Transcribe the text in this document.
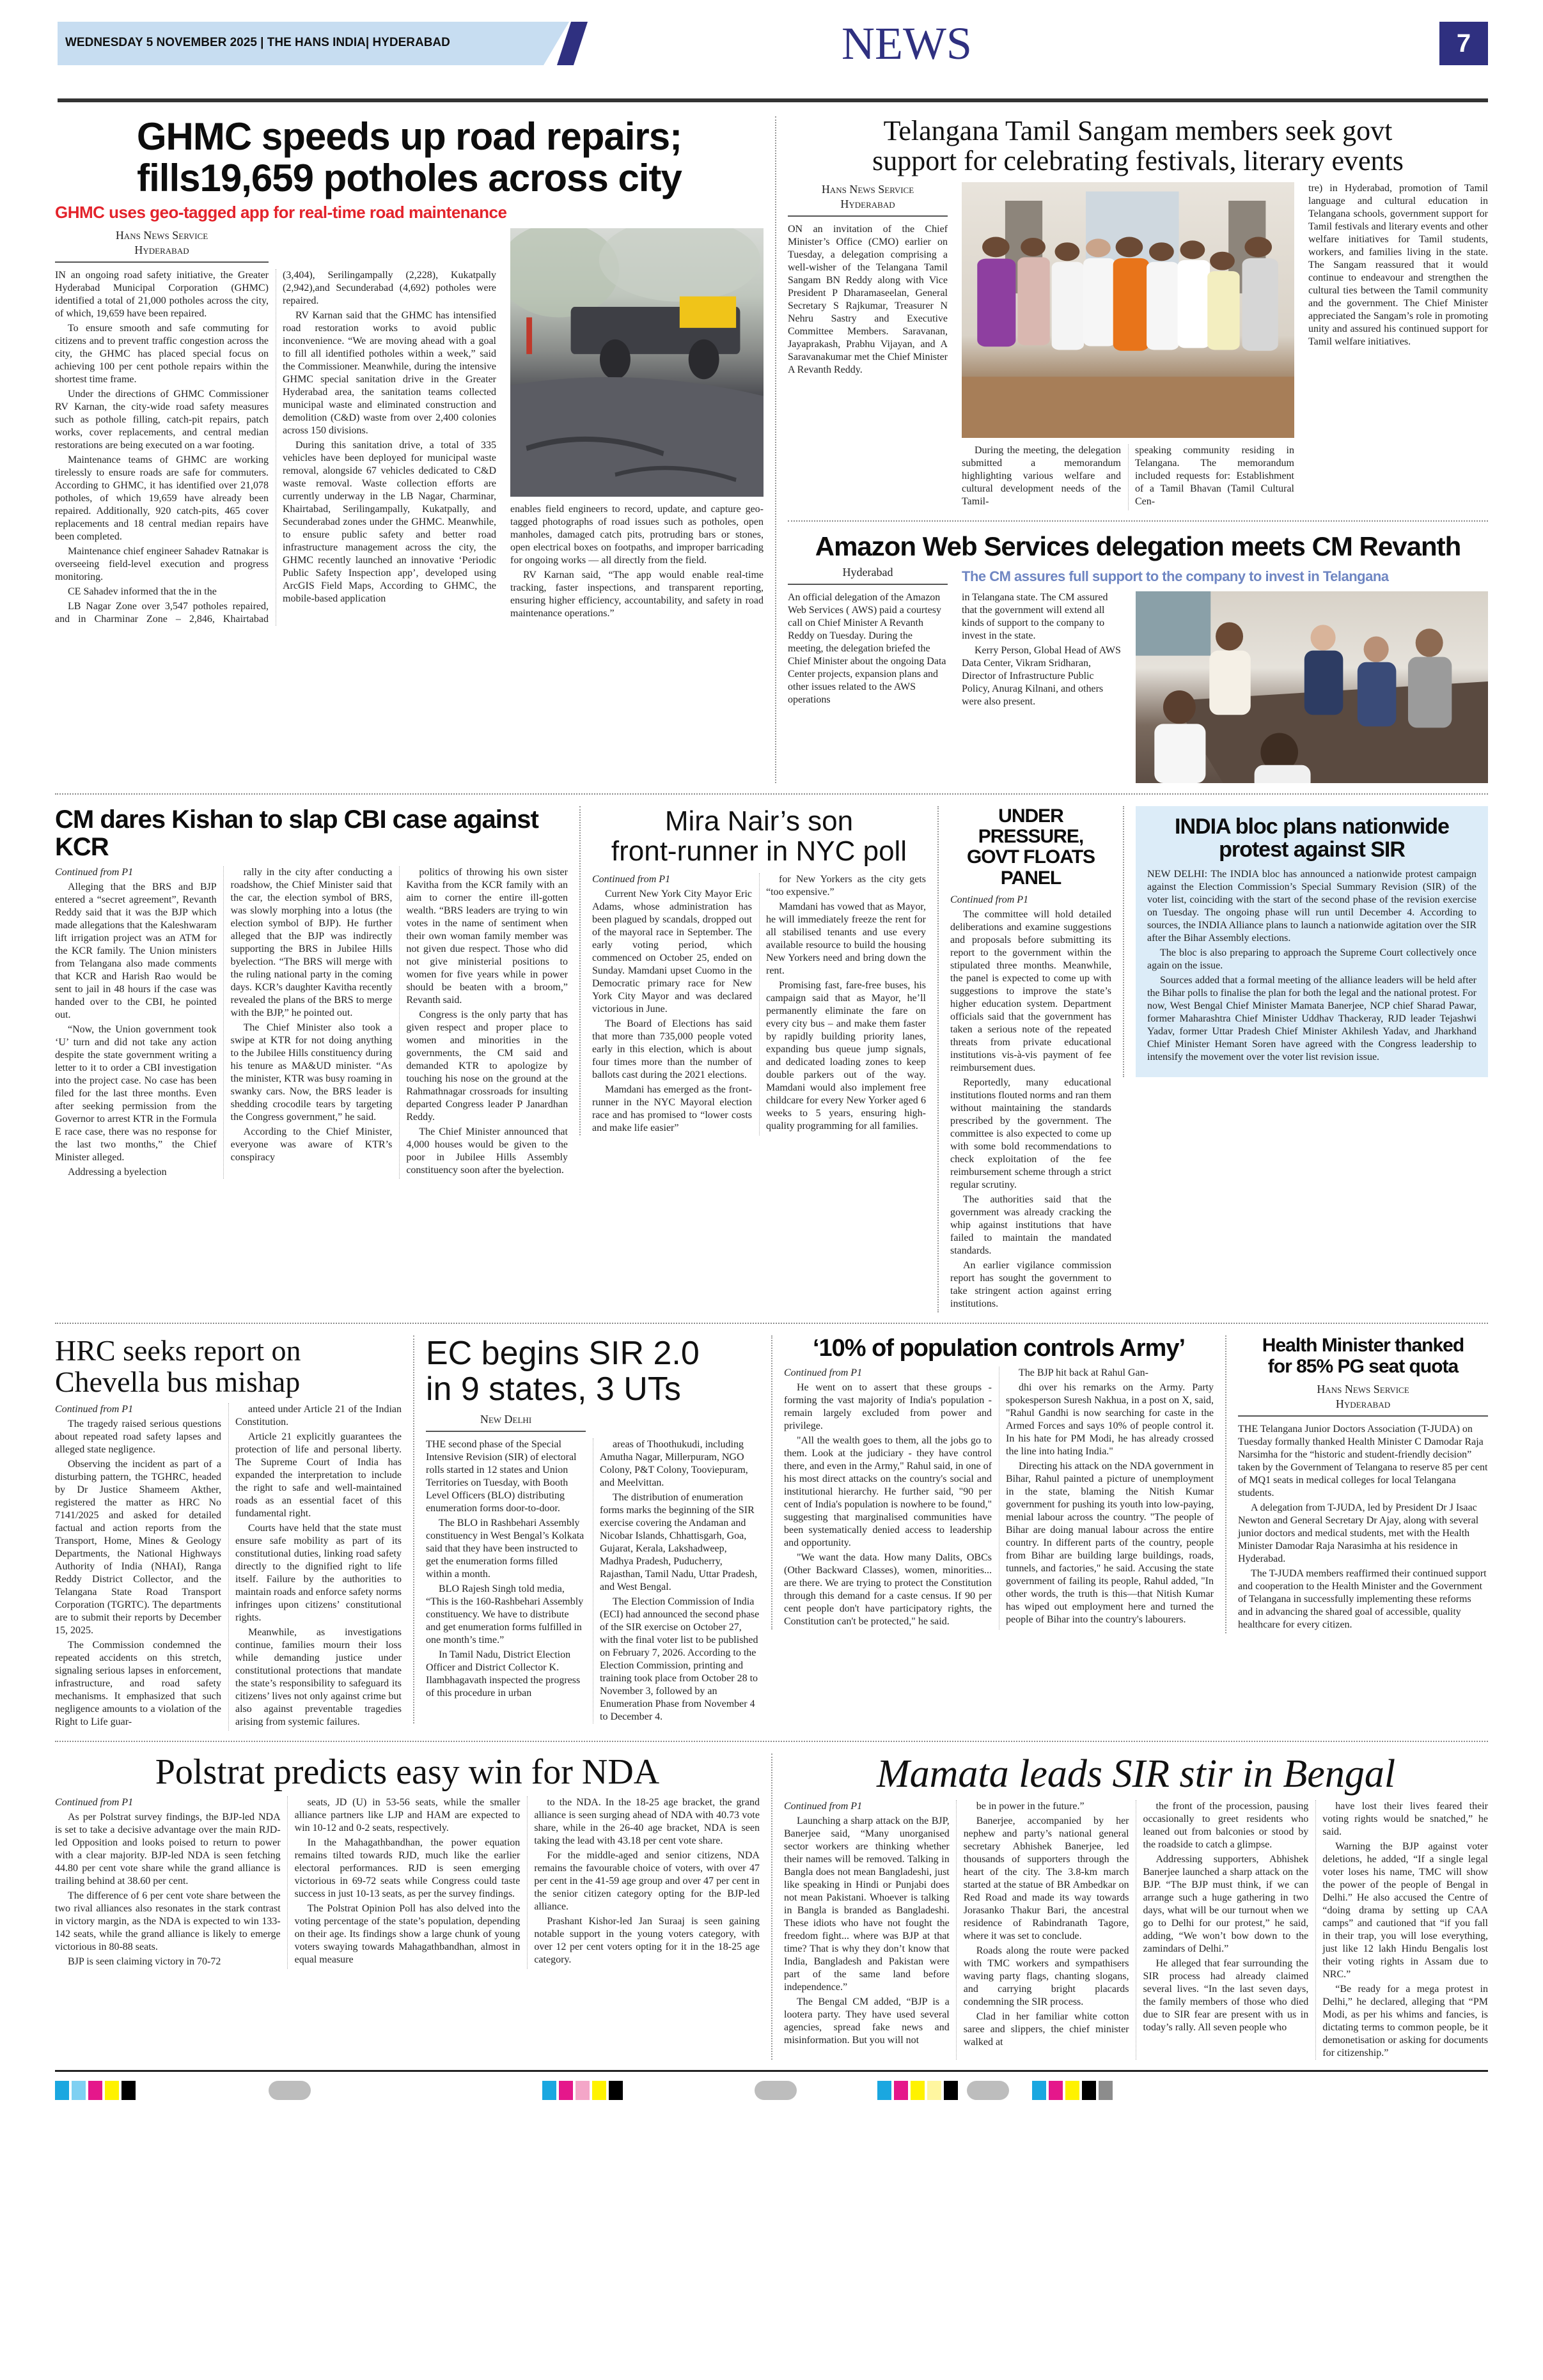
WEDNESDAY 5 NOVEMBER 2025 | THE HANS INDIA| HYDERABAD	NEWS	7
GHMC speeds up road repairs;
fills19,659 potholes across city
GHMC uses geo-tagged app for real-time road maintenance
Hans News Service
Hyderabad

IN an ongoing road safety initiative, the Greater Hyderabad Municipal Corporation (GHMC) identified a total of 21,000 potholes across the city, of which, 19,659 have been repaired.

To ensure smooth and safe commuting for citizens and to prevent traffic congestion across the city, the GHMC has placed special focus on achieving 100 per cent pothole repairs within the shortest time frame.

Under the directions of GHMC Commissioner RV Karnan, the city-wide road safety measures such as pothole filling, catch-pit repairs, patch works, cover replacements, and central median restorations are being executed on a war footing.

Maintenance teams of GHMC are working tirelessly to ensure roads are safe for commuters. According to GHMC, it has identified over 21,078 potholes, of which 19,659 have already been repaired. Additionally, 920 catch-pits, 465 cover replacements and 18 central median repairs have been completed.

Maintenance chief engineer Sahadev Ratnakar is overseeing field-level execution and progress monitoring.

CE Sahadev informed that the in the

LB Nagar Zone over 3,547 potholes repaired, and in Charminar Zone – 2,846, Khairtabad (3,404), Serilingampally (2,228), Kukatpally (2,942),and Secunderabad (4,692) potholes were repaired.

RV Karnan said that the GHMC has intensified road restoration works to avoid public inconvenience. “We are moving ahead with a goal to fill all identified potholes within a week,” said the Commissioner. Meanwhile, during the intensive GHMC special sanitation drive in the Greater Hyderabad area, the sanitation teams collected municipal waste and eliminated construction and demolition (C&D) waste from over 2,400 colonies across 150 divisions.

During this sanitation drive, a total of 335 vehicles have been deployed for municipal waste removal, alongside 67 vehicles dedicated to C&D waste removal. Waste collection efforts are currently underway in the LB Nagar, Charminar, Khairtabad, Serilingampally, Kukatpally, and Secunderabad zones under the GHMC. Meanwhile, to ensure public safety and better road infrastructure management across the city, the GHMC recently launched an innovative ‘Periodic Public Safety Inspection app’, developed using ArcGIS Field Maps, According to GHMC, the mobile-based application

enables field engineers to record, update, and capture geo-tagged photographs of road issues such as potholes, open manholes, damaged catch pits, protruding bars or stones, open electrical boxes on footpaths, and improper barricading for ongoing works — all directly from the field.

RV Karnan said, “The app would enable real-time tracking, faster inspections, and transparent reporting, ensuring higher efficiency, accountability, and safety in road maintenance operations.”

Telangana Tamil Sangam members seek govt
support for celebrating festivals, literary events
Hans News Service
Hyderabad

ON an invitation of the Chief Minister’s Office (CMO) earlier on Tuesday, a delegation comprising a well-wisher of the Telangana Tamil Sangam BN Reddy along with Vice President P Dharamaseelan, General Secretary S Rajkumar, Treasurer N Nehru Sastry and Executive Committee Members. Saravanan, Jayaprakash, Prabhu Vijayan, and A Saravanakumar met the Chief Minister A Revanth Reddy.

During the meeting, the delegation submitted a memorandum highlighting various welfare and cultural development needs of the Tamil-

speaking community residing in Telangana. The memorandum included requests for: Establishment of a Tamil Bhavan (Tamil Cultural Cen-

tre) in Hyderabad, promotion of Tamil language and cultural education in Telangana schools, government support for Tamil festivals and literary events and other welfare initiatives for Tamil students, workers, and families living in the state. The Sangam reassured that it would continue to endeavour and strengthen the cultural ties between the Tamil community and the government. The Chief Minister appreciated the Sangam’s role in promoting unity and assured his continued support for Tamil welfare initiatives.

Amazon Web Services delegation meets CM Revanth
Hyderabad	The CM assures full support to the company to invest in Telangana

An official delegation of the Amazon Web Services ( AWS) paid a courtesy call on Chief Minister A Revanth Reddy on Tuesday. During the meeting, the delegation briefed the Chief Minister about the ongoing Data Center projects, expansion plans and other issues related to the AWS operations

in Telangana state. The CM assured that the government will extend all kinds of support to the company to invest in the state.

Kerry Person, Global Head of AWS Data Center, Vikram Sridharan, Director of Infrastructure Public Policy, Anurag Kilnani, and others were also present.

CM dares Kishan to slap CBI case against KCR

Continued from P1

Alleging that the BRS and BJP entered a “secret agreement”, Revanth Reddy said that it was the BJP which made allegations that the Kaleshwaram lift irrigation project was an ATM for the KCR family. The Union ministers from Telangana also made comments that KCR and Harish Rao would be sent to jail in 48 hours if the case was handed over to the CBI, he pointed out.

“Now, the Union government took ‘U’ turn and did not take any action despite the state government writing a letter to it to order a CBI investigation into the project case. No case has been filed for the last three months. Even after seeking permission from the Governor to arrest KTR in the Formula E race case, there was no response for the last two months,” the Chief Minister alleged.

Addressing a byelection

rally in the city after conducting a roadshow, the Chief Minister said that the car, the election symbol of BRS, was slowly morphing into a lotus (the election symbol of BJP). He further alleged that the BJP was indirectly supporting the BRS in Jubilee Hills byelection. “The BRS will merge with the ruling national party in the coming days. KCR’s daughter Kavitha recently revealed the plans of the BRS to merge with the BJP,” he pointed out.

The Chief Minister also took a swipe at KTR for not doing anything to the Jubilee Hills constituency during his tenure as MA&UD minister. “As the minister, KTR was busy roaming in swanky cars. Now, the BRS leader is shedding crocodile tears by targeting the Congress government,” he said.

According to the Chief Minister, everyone was aware of KTR’s conspiracy

politics of throwing his own sister Kavitha from the KCR family with an aim to corner the entire ill-gotten wealth. “BRS leaders are trying to win votes in the name of sentiment when their own woman family member was not given due respect. Those who did not give ministerial positions to women for five years while in power should be beaten with a broom,” Revanth said.

Congress is the only party that has given respect and proper place to women and minorities in the governments, the CM said and demanded KTR to apologize by touching his nose on the ground at the Rahmathnagar crossroads for insulting departed Congress leader P Janardhan Reddy.

The Chief Minister announced that 4,000 houses would be given to the poor in Jubilee Hills Assembly constituency soon after the byelection.

Mira Nair’s son
front-runner in NYC poll

Continued from P1

Current New York City Mayor Eric Adams, whose administration has been plagued by scandals, dropped out of the mayoral race in September. The early voting period, which commenced on October 25, ended on Sunday. Mamdani upset Cuomo in the Democratic primary race for New York City Mayor and was declared victorious in June.

The Board of Elections has said that more than 735,000 people voted early in this election, which is about four times more than the number of ballots cast during the 2021 elections.

Mamdani has emerged as the front-runner in the NYC Mayoral election race and has promised to “lower costs and make life easier”

for New Yorkers as the city gets “too expensive.”

Mamdani has vowed that as Mayor, he will immediately freeze the rent for all stabilised tenants and use every available resource to build the housing New Yorkers need and bring down the rent.

Promising fast, fare-free buses, his campaign said that as Mayor, he’ll permanently eliminate the fare on every city bus – and make them faster by rapidly building priority lanes, expanding bus queue jump signals, and dedicated loading zones to keep double parkers out of the way. Mamdani would also implement free childcare for every New Yorker aged 6 weeks to 5 years, ensuring high-quality programming for all families.

UNDER PRESSURE,
GOVT FLOATS PANEL

Continued from P1

The committee will hold detailed deliberations and examine suggestions and proposals before submitting its report to the government within the stipulated three months. Meanwhile, the panel is expected to come up with suggestions to improve the state’s higher education system. Department officials said that the government has taken a serious note of the repeated threats from private educational institutions vis-à-vis payment of fee reimbursement dues.

Reportedly, many educational institutions flouted norms and ran them without maintaining the standards prescribed by the government. The committee is also expected to come up with some bold recommendations to check exploitation of the fee reimbursement scheme through a strict regular scrutiny.

The authorities said that the government was already cracking the whip against institutions that have failed to maintain the mandated standards.

An earlier vigilance commission report has sought the government to take stringent action against erring institutions.

INDIA bloc plans nationwide
protest against SIR

NEW DELHI: The INDIA bloc has announced a nationwide protest campaign against the Election Commission’s Special Summary Revision (SIR) of the voter list, coinciding with the start of the second phase of the revision exercise on Tuesday. The ongoing phase will run until December 4. According to sources, the INDIA Alliance plans to launch a nationwide agitation over the SIR after the Bihar Assembly elections.

The bloc is also preparing to approach the Supreme Court collectively once again on the issue.

Sources added that a formal meeting of the alliance leaders will be held after the Bihar polls to finalise the plan for both the legal and the national protest. For now, West Bengal Chief Minister Mamata Banerjee, NCP chief Sharad Pawar, former Maharashtra Chief Minister Uddhav Thackeray, RJD leader Tejashwi Yadav, former Uttar Pradesh Chief Minister Akhilesh Yadav, and Jharkhand Chief Minister Hemant Soren have agreed with the Congress leadership to intensify the movement over the voter list revision issue.

HRC seeks report on
Chevella bus mishap

Continued from P1

The tragedy raised serious questions about repeated road safety lapses and alleged state negligence.

Observing the incident as part of a disturbing pattern, the TGHRC, headed by Dr Justice Shameem Akther, registered the matter as HRC No 7141/2025 and asked for detailed factual and action reports from the Transport, Home, Mines & Geology Departments, the National Highways Authority of India (NHAI), Ranga Reddy District Collector, and the Telangana State Road Transport Corporation (TGRTC). The departments are to submit their reports by December 15, 2025.

The Commission condemned the repeated accidents on this stretch, signaling serious lapses in enforcement, infrastructure, and road safety mechanisms. It emphasized that such negligence amounts to a violation of the Right to Life guar-

anteed under Article 21 of the Indian Constitution.

Article 21 explicitly guarantees the protection of life and personal liberty. The Supreme Court of India has expanded the interpretation to include the right to safe and well-maintained roads as an essential facet of this fundamental right.

Courts have held that the state must ensure safe mobility as part of its constitutional duties, linking road safety directly to the dignified right to life itself. Failure by the authorities to maintain roads and enforce safety norms infringes upon citizens’ constitutional rights.

Meanwhile, as investigations continue, families mourn their loss while demanding justice under constitutional protections that mandate the state’s responsibility to safeguard its citizens’ lives not only against crime but also against preventable tragedies arising from systemic failures.

EC begins SIR 2.0
in 9 states, 3 UTs
New Delhi

THE second phase of the Special Intensive Revision (SIR) of electoral rolls started in 12 states and Union Territories on Tuesday, with Booth Level Officers (BLO) distributing enumeration forms door-to-door.

The BLO in Rashbehari Assembly constituency in West Bengal’s Kolkata said that they have been instructed to get the enumeration forms filled within a month.

BLO Rajesh Singh told media, “This is the 160-Rashbehari Assembly constituency. We have to distribute and get enumeration forms fulfilled in one month’s time.”

In Tamil Nadu, District Election Officer and District Collector K. Ilambhagavath inspected the progress of this procedure in urban

areas of Thoothukudi, including Amutha Nagar, Millerpuram, NGO Colony, P&T Colony, Tooviepuram, and Meelvittan.

The distribution of enumeration forms marks the beginning of the SIR exercise covering the Andaman and Nicobar Islands, Chhattisgarh, Goa, Gujarat, Kerala, Lakshadweep, Madhya Pradesh, Puducherry, Rajasthan, Tamil Nadu, Uttar Pradesh, and West Bengal.

The Election Commission of India (ECI) had announced the second phase of the SIR exercise on October 27, with the final voter list to be published on February 7, 2026. According to the Election Commission, printing and training took place from October 28 to November 3, followed by an Enumeration Phase from November 4 to December 4.

‘10% of population controls Army’

Continued from P1

He went on to assert that these groups - forming the vast majority of India's population - remain largely excluded from power and privilege.

"All the wealth goes to them, all the jobs go to them. Look at the judiciary - they have control there, and even in the Army," Rahul said, in one of his most direct attacks on the country's social and institutional hierarchy. He further said, "90 per cent of India's population is nowhere to be found," suggesting that marginalised communities have been systematically denied access to leadership and opportunity.

"We want the data. How many Dalits, OBCs (Other Backward Classes), women, minorities... are there. We are trying to protect the Constitution through this demand for a caste census. If 90 per cent people don't have participatory rights, the Constitution can't be protected," he said.

The BJP hit back at Rahul Gan-

dhi over his remarks on the Army. Party spokesperson Suresh Nakhua, in a post on X, said, "Rahul Gandhi is now searching for caste in the Armed Forces and says 10% of people control it. In his hate for PM Modi, he has already crossed the line into hating India."

Directing his attack on the NDA government in Bihar, Rahul painted a picture of unemployment in the state, blaming the Nitish Kumar government for pushing its youth into low-paying, menial labour across the country. "The people of Bihar are doing manual labour across the entire country. In different parts of the country, people from Bihar are building large buildings, roads, tunnels, and factories," he said. Accusing the state government of failing its people, Rahul added, "In other words, the truth is this—that Nitish Kumar has wiped out employment here and turned the people of Bihar into the country's labourers.

Health Minister thanked
for 85% PG seat quota
Hans News Service
Hyderabad

THE Telangana Junior Doctors Association (T-JUDA) on Tuesday formally thanked Health Minister C Damodar Raja Narsimha for the “historic and student-friendly decision” taken by the Government of Telangana to reserve 85 per cent of MQ1 seats in medical colleges for local Telangana students.

A delegation from T-JUDA, led by President Dr J Isaac Newton and General Secretary Dr Ajay, along with several junior doctors and medical students, met with the Health Minister Damodar Raja Narasimha at his residence in Hyderabad.

The T-JUDA members reaffirmed their continued support and cooperation to the Health Minister and the Government of Telangana in successfully implementing these reforms and in advancing the shared goal of accessible, quality healthcare for every citizen.

Polstrat predicts easy win for NDA

Continued from P1

As per Polstrat survey findings, the BJP-led NDA is set to take a decisive advantage over the main RJD-led Opposition and looks poised to return to power with a clear majority. BJP-led NDA is seen fetching 44.80 per cent vote share while the grand alliance is trailing behind at 38.60 per cent.

The difference of 6 per cent vote share between the two rival alliances also resonates in the stark contrast in victory margin, as the NDA is expected to win 133-142 seats, while the grand alliance is likely to emerge victorious in 80-88 seats.

BJP is seen claiming victory in 70-72

seats, JD (U) in 53-56 seats, while the smaller alliance partners like LJP and HAM are expected to win 10-12 and 0-2 seats, respectively.

In the Mahagathbandhan, the power equation remains tilted towards RJD, much like the earlier electoral performances. RJD is seen emerging victorious in 69-72 seats while Congress could taste success in just 10-13 seats, as per the survey findings.

The Polstrat Opinion Poll has also delved into the voting percentage of the state’s population, depending on their age. Its findings show a large chunk of young voters swaying towards Mahagathbandhan, almost in equal measure

to the NDA. In the 18-25 age bracket, the grand alliance is seen surging ahead of NDA with 40.73 vote share, while in the 26-40 age bracket, NDA is seen taking the lead with 43.18 per cent vote share.

For the middle-aged and senior citizens, NDA remains the favourable choice of voters, with over 47 per cent in the 41-59 age group and over 47 per cent in the senior citizen category opting for the BJP-led alliance.

Prashant Kishor-led Jan Suraaj is seen gaining notable support in the young voters category, with over 12 per cent voters opting for it in the 18-25 age category.

Mamata leads SIR stir in Bengal

Continued from P1

Launching a sharp attack on the BJP, Banerjee said, “Many unorganised sector workers are thinking whether their names will be removed. Talking in Bangla does not mean Bangladeshi, just like speaking in Hindi or Punjabi does not mean Pakistani. Whoever is talking in Bangla is branded as Bangladeshi. These idiots who have not fought the freedom fight... where was BJP at that time? That is why they don’t know that India, Bangladesh and Pakistan were part of the same land before independence.”

The Bengal CM added, “BJP is a lootera party. They have used several agencies, spread fake news and misinformation. But you will not

be in power in the future.”

Banerjee, accompanied by her nephew and party’s national general secretary Abhishek Banerjee, led thousands of supporters through the heart of the city. The 3.8-km march started at the statue of BR Ambedkar on Red Road and made its way towards Jorasanko Thakur Bari, the ancestral residence of Rabindranath Tagore, where it was set to conclude.

Roads along the route were packed with TMC workers and sympathisers waving party flags, chanting slogans, and carrying bright placards condemning the SIR process.

Clad in her familiar white cotton saree and slippers, the chief minister walked at

the front of the procession, pausing occasionally to greet residents who leaned out from balconies or stood by the roadside to catch a glimpse.

Addressing supporters, Abhishek Banerjee launched a sharp attack on the BJP. “The BJP must think, if we can arrange such a huge gathering in two days, what will be our turnout when we go to Delhi for our protest,” he said, adding, “We won’t bow down to the zamindars of Delhi.”

He alleged that fear surrounding the SIR process had already claimed several lives. “In the last seven days, the family members of those who died due to SIR fear are present with us in today’s rally. All seven people who

have lost their lives feared their voting rights would be snatched,” he said.

Warning the BJP against voter deletions, he added, “If a single legal voter loses his name, TMC will show the power of the people of Bengal in Delhi.” He also accused the Centre of “doing drama by setting up CAA camps” and cautioned that “if you fall in their trap, you will lose everything, just like 12 lakh Hindu Bengalis lost their voting rights in Assam due to NRC.”

“Be ready for a mega protest in Delhi,” he declared, alleging that “PM Modi, as per his whims and fancies, is dictating terms to common people, be it demonetisation or asking for documents for citizenship.”
